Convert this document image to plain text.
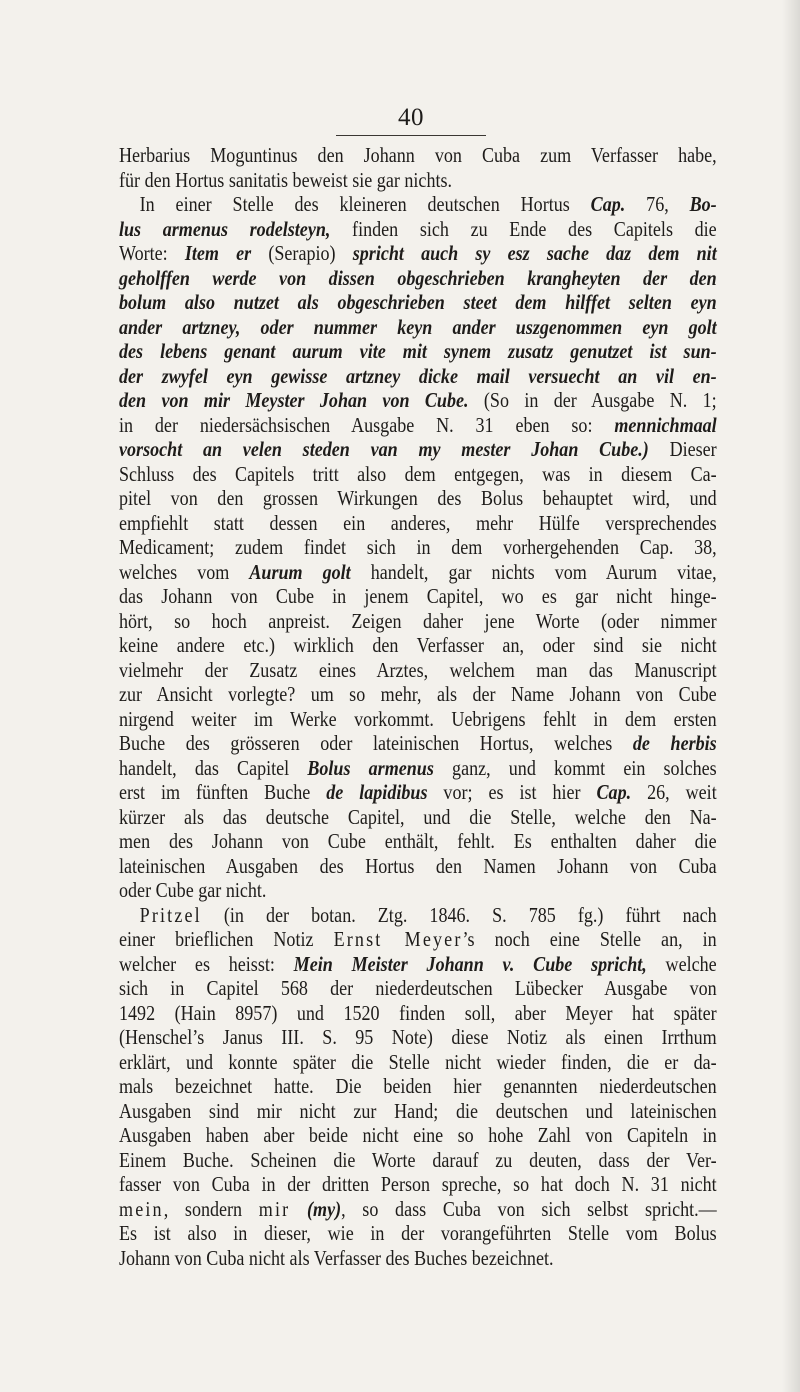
40
Herbarius Moguntinus den Johann von Cuba zum Verfasser habe,
für den Hortus sanitatis beweist sie gar nichts.
In einer Stelle des kleineren deutschen Hortus Cap. 76, Bo-
lus armenus rodelsteyn, finden sich zu Ende des Capitels die
Worte: Item er (Serapio) spricht auch sy esz sache daz dem nit
geholffen werde von dissen obgeschrieben krangheyten der den
bolum also nutzet als obgeschrieben steet dem hilffet selten eyn
ander artzney, oder nummer keyn ander uszgenommen eyn golt
des lebens genant aurum vite mit synem zusatz genutzet ist sun-
der zwyfel eyn gewisse artzney dicke mail versuecht an vil en-
den von mir Meyster Johan von Cube. (So in der Ausgabe N. 1;
in der niedersächsischen Ausgabe N. 31 eben so: mennichmaal
vorsocht an velen steden van my mester Johan Cube.) Dieser
Schluss des Capitels tritt also dem entgegen, was in diesem Ca-
pitel von den grossen Wirkungen des Bolus behauptet wird, und
empfiehlt statt dessen ein anderes, mehr Hülfe versprechendes
Medicament; zudem findet sich in dem vorhergehenden Cap. 38,
welches vom Aurum golt handelt, gar nichts vom Aurum vitae,
das Johann von Cube in jenem Capitel, wo es gar nicht hinge-
hört, so hoch anpreist. Zeigen daher jene Worte (oder nimmer
keine andere etc.) wirklich den Verfasser an, oder sind sie nicht
vielmehr der Zusatz eines Arztes, welchem man das Manuscript
zur Ansicht vorlegte? um so mehr, als der Name Johann von Cube
nirgend weiter im Werke vorkommt. Uebrigens fehlt in dem ersten
Buche des grösseren oder lateinischen Hortus, welches de herbis
handelt, das Capitel Bolus armenus ganz, und kommt ein solches
erst im fünften Buche de lapidibus vor; es ist hier Cap. 26, weit
kürzer als das deutsche Capitel, und die Stelle, welche den Na-
men des Johann von Cube enthält, fehlt. Es enthalten daher die
lateinischen Ausgaben des Hortus den Namen Johann von Cuba
oder Cube gar nicht.
Pritzel (in der botan. Ztg. 1846. S. 785 fg.) führt nach
einer brieflichen Notiz Ernst Meyer’s noch eine Stelle an, in
welcher es heisst: Mein Meister Johann v. Cube spricht, welche
sich in Capitel 568 der niederdeutschen Lübecker Ausgabe von
1492 (Hain 8957) und 1520 finden soll, aber Meyer hat später
(Henschel’s Janus III. S. 95 Note) diese Notiz als einen Irrthum
erklärt, und konnte später die Stelle nicht wieder finden, die er da-
mals bezeichnet hatte. Die beiden hier genannten niederdeutschen
Ausgaben sind mir nicht zur Hand; die deutschen und lateinischen
Ausgaben haben aber beide nicht eine so hohe Zahl von Capiteln in
Einem Buche. Scheinen die Worte darauf zu deuten, dass der Ver-
fasser von Cuba in der dritten Person spreche, so hat doch N. 31 nicht
mein, sondern mir (my), so dass Cuba von sich selbst spricht.—
Es ist also in dieser, wie in der vorangeführten Stelle vom Bolus
Johann von Cuba nicht als Verfasser des Buches bezeichnet.
